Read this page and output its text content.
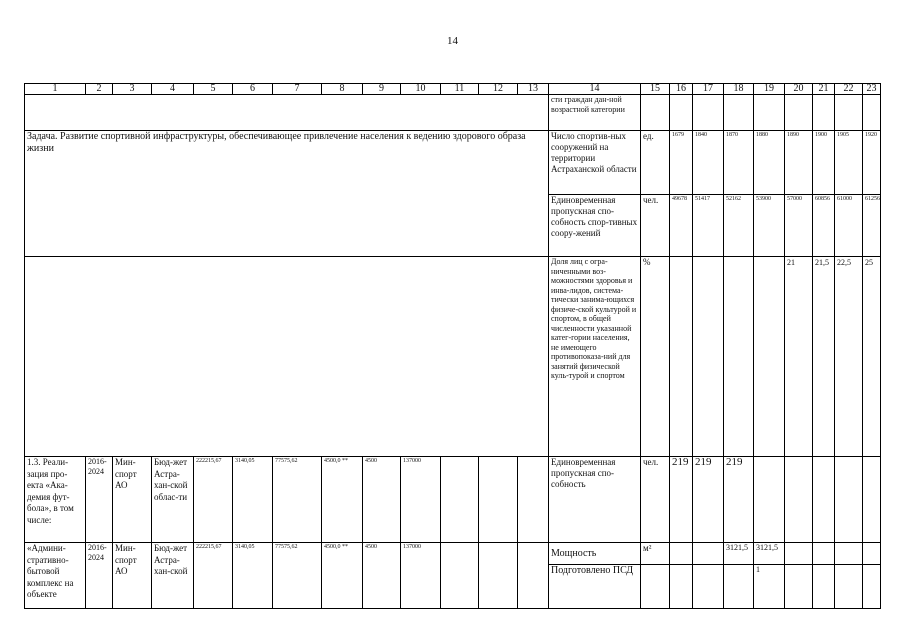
14
1	2	3	4	5	6	7	8	9	10	11	12	13	14	15	16	17	18	19	20	21	22	23
													сти граждан дан-ной возрастной категории									
Задача. Развитие спортивной инфраструктуры, обеспечивающее привлечение населения к ведению здорового образа жизни													Число спортив-ных сооружений на территории Астраханской области	ед.	1679	1840	1870	1880	1890	1900	1905	1920
													Единовременная пропускная спо-собность спор-тивных соору-жений	чел.	49678	51417	52162	53900	57000	60856	61000	61256
													Доля лиц с огра-ниченными воз-можностями здоровья и инва-лидов, система-тически занима-ющихся физиче-ской культурой и спортом, в общей численности указанной катег-гории населения, не имеющего противопоказа-ний для занятий физической куль-турой и спортом	%					21	21,5	22,5	25
1.3. Реали-зация про-екта «Ака-демия фут-бола», в том числе:	2016-2024	Мин-спорт АО	Бюд-жет Астра-хан-ской облас-ти	222215,67	3140,05	77575,62	4500,0 **	4500	137000				Единовременная пропускная спо-собность	чел.	219	219	219					
«Админи-стративно-бытовой комплекс на объекте	2016-2024	Мин-спорт АО	Бюд-жет Астра-хан-ской	222215,67	3140,05	77575,62	4500,0 **	4500	137000				Мощность	м²			3121,5	3121,5				
													Подготовлено ПСД					1				
